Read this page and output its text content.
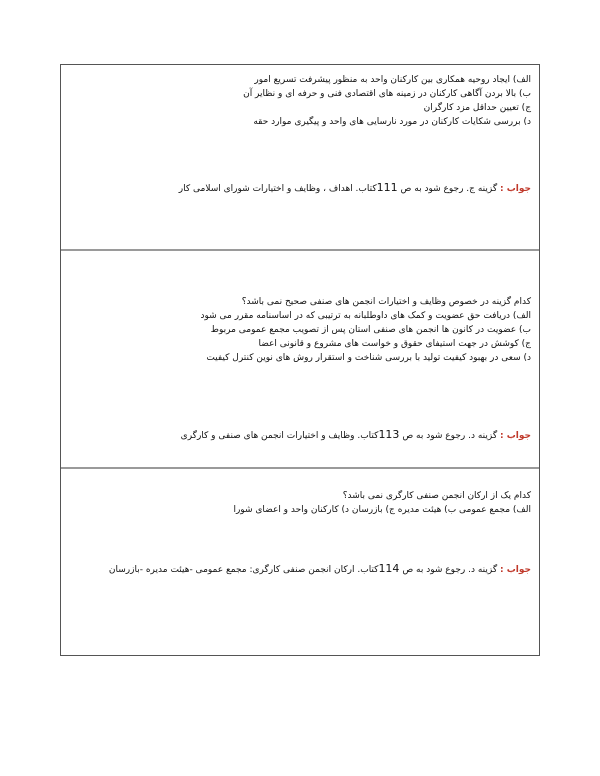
الف) ایجاد روحیه همکاری بین کارکنان واحد به منظور پیشرفت تسریع امور
ب) بالا بردن آگاهی کارکنان در زمینه های اقتصادی فنی و حرفه ای و نظایر آن
ج) تعیین حداقل مزد کارگران
د) بررسی شکایات کارکنان در مورد نارسایی های واحد و پیگیری موارد حقه
جواب : گزینه ج. رجوع شود به ص 111کتاب. اهداف ، وظایف و اختیارات شورای اسلامی کار
کدام گزینه در خصوص وظایف و اختیارات انجمن های صنفی صحیح نمی باشد؟
الف) دریافت حق عضویت و کمک های داوطلبانه به ترتیبی که در اساسنامه مقرر می شود
ب) عضویت در کانون ها انجمن های صنفی استان پس از تصویب مجمع عمومی مربوط
ج) کوشش در جهت استیفای حقوق و خواست های مشروع و قانونی اعضا
د) سعی در بهبود کیفیت تولید با بررسی شناخت و استقرار روش های نوین کنترل کیفیت
جواب : گزینه د. رجوع شود به ص 113کتاب. وظایف و اختیارات انجمن های صنفی و کارگری
کدام یک از ارکان انجمن صنفی کارگری نمی باشد؟
الف) مجمع عمومی ب) هیئت مدیره ج) بازرسان د) کارکنان واحد و اعضای شورا
جواب : گزینه د. رجوع شود به ص 114کتاب. ارکان انجمن صنفی کارگری: مجمع عمومی -هیئت مدیره -بازرسان
